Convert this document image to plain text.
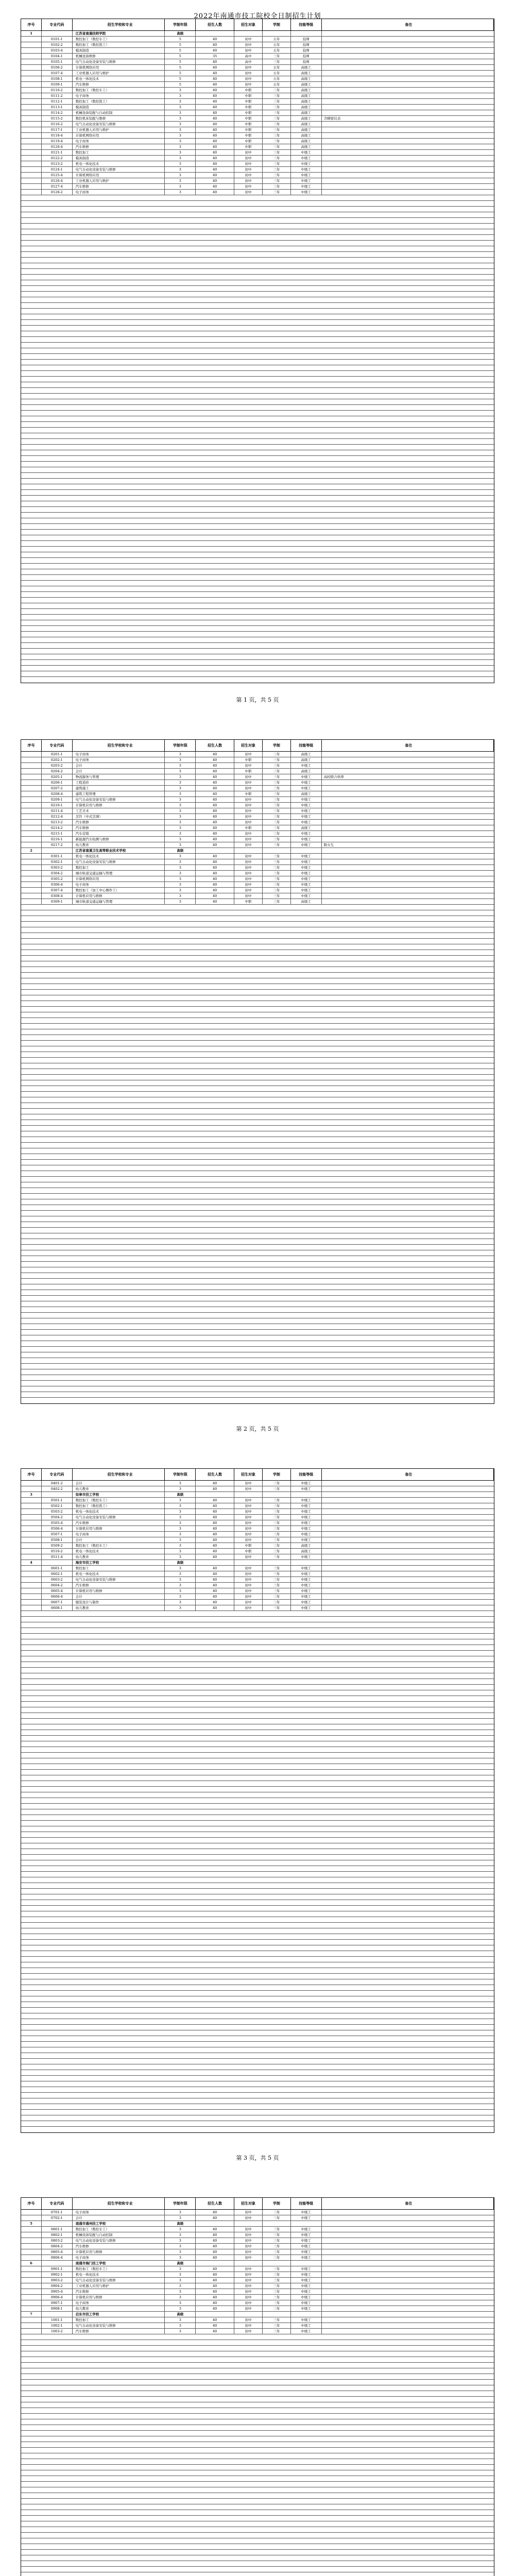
2022年南通市技工院校全日制招生计划
序号	专业代码	招生学校和专业	学制年限	招生人数	招生对象	学制	技能等级	备注
1	江苏省南通技师学院	高级
0101-1	数控加工（数控车工）	5	40	初中	五年	技师
0102-2	数控加工（数控铣工）	5	40	初中	五年	技师
0103-4	模具制造	5	40	初中	五年	技师
0104-1	机械设备维修	5	35	高中	三年	技师
0105-1	电气自动化设备安装与维修	5	40	高中	三年	技师
0106-2	计算机网络应用	5	40	初中	五年	高级工
0107-4	工业机器人应用与维护	5	40	初中	五年	高级工
0108-1	机电一体化技术	5	40	初中	五年	高级工
0109-1	汽车维修	5	40	初中	五年	高级工
0110-2	数控加工（数控车工）	3	40	中职	三年	高级工
0111-2	电子商务	3	40	中职	三年	高级工
0112-1	数控加工（数控铣工）	3	40	中职	三年	高级工
0113-1	模具制造	3	40	中职	三年	高级工
0114-2	机械设备装配与自动控制	3	40	中职	三年	高级工
0115-2	数控机床装配与维修	3	40	中职	三年	高级工	含精密仪表
0116-2	电气自动化设备安装与维修	3	40	中职	三年	高级工
0117-1	工业机器人应用与维护	3	40	中职	三年	高级工
0118-4	计算机网络应用	3	40	中职	三年	高级工
0119-4	电子商务	3	40	中职	三年	高级工
0120-4	汽车维修	3	40	中职	三年	高级工
0121-1	数控加工	3	40	初中	三年	中级工
0122-2	模具制造	3	40	初中	三年	中级工
0123-2	机电一体化技术	3	40	初中	三年	中级工
0124-1	电气自动化设备安装与维修	3	40	初中	三年	中级工
0125-4	计算机网络应用	3	40	初中	三年	中级工
0126-4	工业机器人应用与维护	3	40	初中	三年	中级工
0127-4	汽车维修	3	40	初中	三年	中级工
0128-2	电子商务	3	40	初中	三年	中级工
第 1 页，共 5 页
序号	专业代码	招生学校和专业	学制年限	招生人数	招生对象	学制	技能等级	备注
0201-1	电子商务	3	40	初中	三年	高级工
0202-1	电子商务	3	40	中职	三年	高级工
0203-2	会计	3	40	初中	三年	中级工
0204-2	会计	3	40	中职	三年	高级工
0205-1	物流服务与管理	3	40	初中	三年	中级工	高校联合培养
0206-1	工程造价	3	40	初中	三年	中级工
0207-2	建筑施工	3	40	初中	三年	中级工
0208-4	建筑工程管理	3	40	中职	三年	高级工
0209-1	电气自动化设备安装与维修	3	40	初中	三年	中级工
0210-1	计算机应用与维修	3	40	初中	三年	中级工
0211-4	工艺美术	3	40	初中	三年	中级工
0212-4	烹饪（中式烹调）	3	40	初中	三年	中级工
0213-2	汽车维修	3	40	初中	三年	中级工
0214-2	汽车维修	3	40	中职	三年	高级工
0215-1	汽车营销	3	40	初中	三年	中级工
0216-1	新能源汽车检测与维修	3	40	初中	三年	中级工
0217-2	幼儿教育	3	40	初中	三年	中级工	限女生
2	江苏省南通卫生高等职业技术学校	高级
0301-1	机电一体化技术	3	40	初中	三年	中级工
0302-1	电气自动化设备安装与维修	3	40	初中	三年	中级工
0303-2	数控加工	3	40	初中	三年	中级工
0304-2	城市轨道交通运输与管理	3	40	初中	三年	中级工
0305-2	计算机网络应用	3	40	初中	三年	中级工
0306-4	电子商务	3	40	初中	三年	中级工
0307-4	数控加工（加工中心操作工）	3	40	初中	三年	中级工
0308-4	计算机应用与维修	3	40	初中	三年	中级工
0309-1	城市轨道交通运输与管理	3	40	中职	三年	高级工
第 2 页，共 5 页
序号	专业代码	招生学校和专业	学制年限	招生人数	招生对象	学制	技能等级	备注
0401-2	会计	3	40	初中	三年	中级工
0402-2	幼儿教育	3	40	初中	三年	中级工
3	如皋市技工学校	高级
0501-1	数控加工（数控车工）	3	40	初中	三年	中级工
0502-1	数控加工（数控铣工）	3	40	初中	三年	中级工
0503-2	机电一体化技术	3	40	初中	三年	中级工
0504-2	电气自动化设备安装与维修	3	40	初中	三年	中级工
0505-4	汽车维修	3	40	初中	三年	中级工
0506-4	计算机应用与维修	3	40	初中	三年	中级工
0507-1	电子商务	3	40	初中	三年	中级工
0508-1	会计	3	40	初中	三年	中级工
0509-2	数控加工（数控车工）	3	40	中职	三年	高级工
0510-2	机电一体化技术	3	40	中职	三年	高级工
0511-4	幼儿教育	3	40	初中	三年	中级工
4	海安市技工学校	高级
0601-1	数控加工	3	40	初中	三年	中级工
0602-1	机电一体化技术	3	40	初中	三年	中级工
0603-2	电气自动化设备安装与维修	3	40	初中	三年	中级工
0604-2	汽车维修	3	40	初中	三年	中级工
0605-4	计算机应用与维修	3	40	初中	三年	中级工
0606-4	会计	3	40	初中	三年	中级工
0607-1	服装设计与制作	3	40	初中	三年	中级工
0608-1	幼儿教育	3	40	初中	三年	中级工
第 3 页，共 5 页
序号	专业代码	招生学校和专业	学制年限	招生人数	招生对象	学制	技能等级	备注
0701-1	电子商务	3	40	初中	三年	中级工
0702-1	会计	3	40	初中	三年	中级工
5	南通市通州技工学校	高级
0801-1	数控加工（数控车工）	3	40	初中	三年	中级工
0802-1	机械设备装配与自动控制	3	40	初中	三年	中级工
0803-2	电气自动化设备安装与维修	3	40	初中	三年	中级工
0804-2	汽车维修	3	40	初中	三年	中级工
0805-4	计算机应用与维修	3	40	初中	三年	中级工
0806-4	电子商务	3	40	初中	三年	中级工
6	南通市海门技工学校	高级
0901-1	数控加工（数控车工）	3	40	初中	三年	中级工
0902-1	机电一体化技术	3	40	初中	三年	中级工
0903-2	电气自动化设备安装与维修	3	40	初中	三年	中级工
0904-2	工业机器人应用与维护	3	40	初中	三年	中级工
0905-4	汽车维修	3	40	初中	三年	中级工
0906-4	计算机应用与维修	3	40	初中	三年	中级工
0907-1	电子商务	3	40	初中	三年	中级工
0908-1	幼儿教育	3	40	初中	三年	中级工
7	启东市技工学校	高级
1001-1	数控加工	3	40	初中	三年	中级工
1002-1	电气自动化设备安装与维修	3	40	初中	三年	中级工
1003-2	汽车维修	3	40	初中	三年	中级工
